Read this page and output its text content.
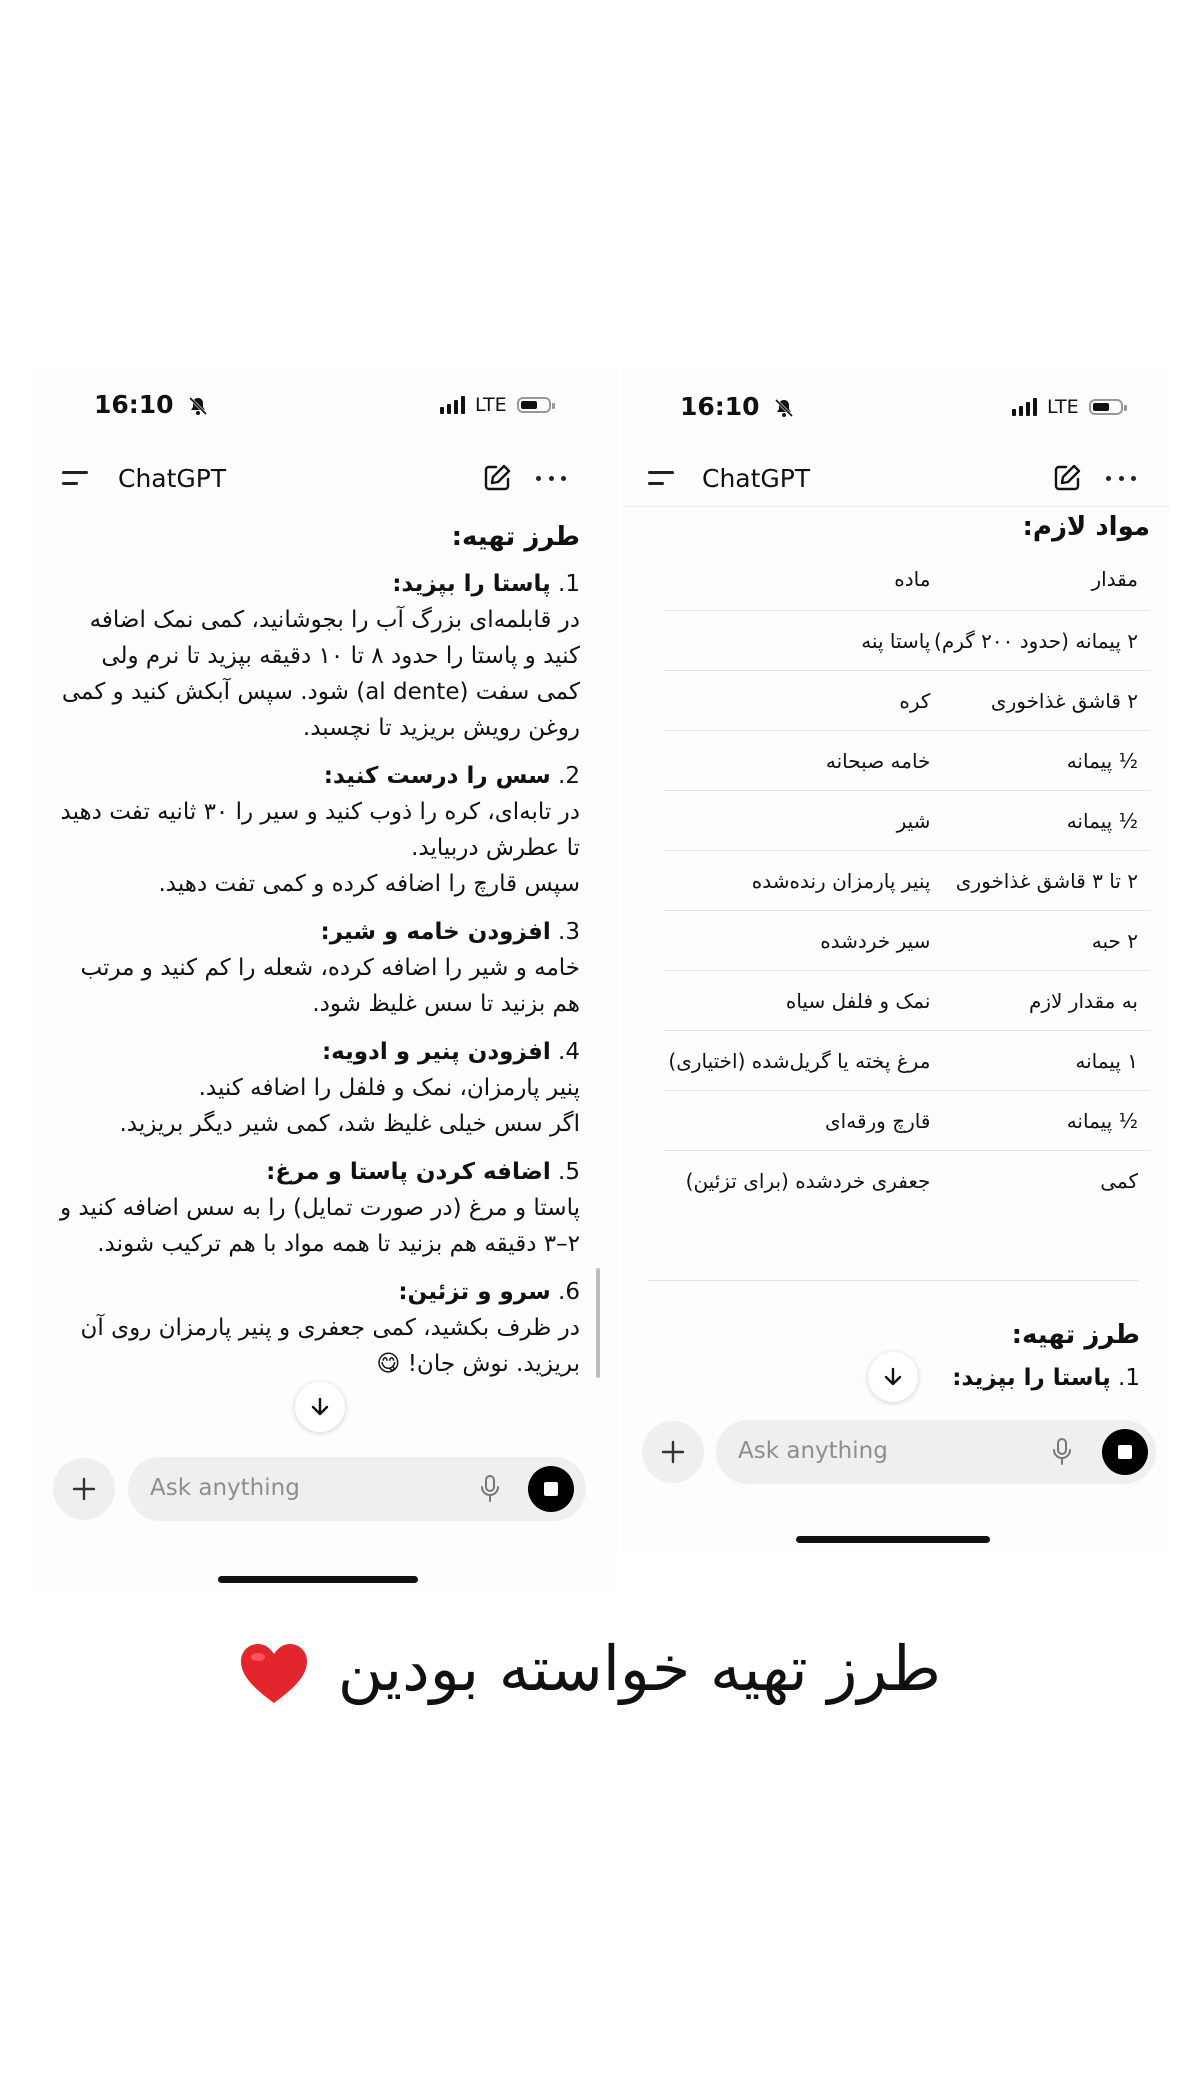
16:10	LTE
ChatGPT
طرز تهیه:
1. پاستا را بپزید:
در قابلمه‌ای بزرگ آب را بجوشانید، کمی نمک اضافه
کنید و پاستا را حدود ۸ تا ۱۰ دقیقه بپزید تا نرم ولی
کمی سفت (al dente) شود. سپس آبکش کنید و کمی
روغن رویش بریزید تا نچسبد.
2. سس را درست کنید:
در تابه‌ای، کره را ذوب کنید و سیر را ۳۰ ثانیه تفت دهید
تا عطرش دربیاید.
سپس قارچ را اضافه کرده و کمی تفت دهید.
3. افزودن خامه و شیر:
خامه و شیر را اضافه کرده، شعله را کم کنید و مرتب
هم بزنید تا سس غلیظ شود.
4. افزودن پنیر و ادویه:
پنیر پارمزان، نمک و فلفل را اضافه کنید.
اگر سس خیلی غلیظ شد، کمی شیر دیگر بریزید.
5. اضافه کردن پاستا و مرغ:
پاستا و مرغ (در صورت تمایل) را به سس اضافه کنید و
۲–۳ دقیقه هم بزنید تا همه مواد با هم ترکیب شوند.
6. سرو و تزئین:
در ظرف بکشید، کمی جعفری و پنیر پارمزان روی آن
بریزید. نوش جان! 😋
Ask anything
16:10	LTE
ChatGPT
مواد لازم:
مقدار	ماده
۲ پیمانه (حدود ۲۰۰ گرم)	پاستا پنه
۲ قاشق غذاخوری	کره
½ پیمانه	خامه صبحانه
½ پیمانه	شیر
۲ تا ۳ قاشق غذاخوری	پنیر پارمزان رنده‌شده
۲ حبه	سیر خردشده
به مقدار لازم	نمک و فلفل سیاه
۱ پیمانه	مرغ پخته یا گریل‌شده (اختیاری)
½ پیمانه	قارچ ورقه‌ای
کمی	جعفری خردشده (برای تزئین)
طرز تهیه:
1. پاستا را بپزید:
Ask anything
طرز تهیه خواسته بودین
